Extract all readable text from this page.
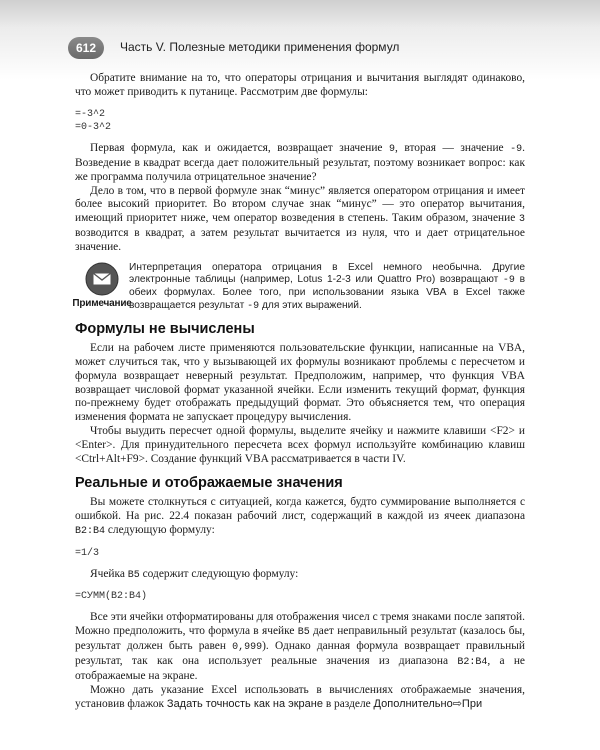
612	Часть V. Полезные методики применения формул

Обратите внимание на то, что операторы отрицания и вычитания выглядят одинаково, что может приводить к путанице. Рассмотрим две формулы:

=-3^2
=0-3^2

Первая формула, как и ожидается, возвращает значение 9, вторая — значение -9. Возведение в квадрат всегда дает положительный результат, поэтому возникает вопрос: как же программа получила отрицательное значение?

Дело в том, что в первой формуле знак “минус” является оператором отрицания и имеет более высокий приоритет. Во втором случае знак “минус” — это оператор вычитания, имеющий приоритет ниже, чем оператор возведения в степень. Таким образом, значение 3 возводится в квадрат, а затем результат вычитается из нуля, что и дает отрицательное значение.

Примечание
Интерпретация оператора отрицания в Excel немного необычна. Другие электронные таблицы (например, Lotus 1-2-3 или Quattro Pro) возвращают -9 в обеих формулах. Более того, при использовании языка VBA в Excel также возвращается результат -9 для этих выражений.
Формулы не вычислены

Если на рабочем листе применяются пользовательские функции, написанные на VBA, может случиться так, что у вызывающей их формулы возникают проблемы с пересчетом и формула возвращает неверный результат. Предположим, например, что функция VBA возвращает числовой формат указанной ячейки. Если изменить текущий формат, функция по-прежнему будет отображать предыдущий формат. Это объясняется тем, что операция изменения формата не запускает процедуру вычисления.

Чтобы выудить пересчет одной формулы, выделите ячейку и нажмите клавиши <F2> и <Enter>. Для принудительного пересчета всех формул используйте комбинацию клавиш <Ctrl+Alt+F9>. Создание функций VBA рассматривается в части IV.

Реальные и отображаемые значения

Вы можете столкнуться с ситуацией, когда кажется, будто суммирование выполняется с ошибкой. На рис. 22.4 показан рабочий лист, содержащий в каждой из ячеек диапазона B2:B4 следующую формулу:

=1/3

Ячейка B5 содержит следующую формулу:

=СУММ(B2:B4)

Все эти ячейки отформатированы для отображения чисел с тремя знаками после запятой. Можно предположить, что формула в ячейке B5 дает неправильный результат (казалось бы, результат должен быть равен 0,999). Однако данная формула возвращает правильный результат, так как она использует реальные значения из диапазона B2:B4, а не отображаемые на экране.

Можно дать указание Excel использовать в вычислениях отображаемые значения, установив флажок Задать точность как на экране в разделе Дополнительно⇨При
